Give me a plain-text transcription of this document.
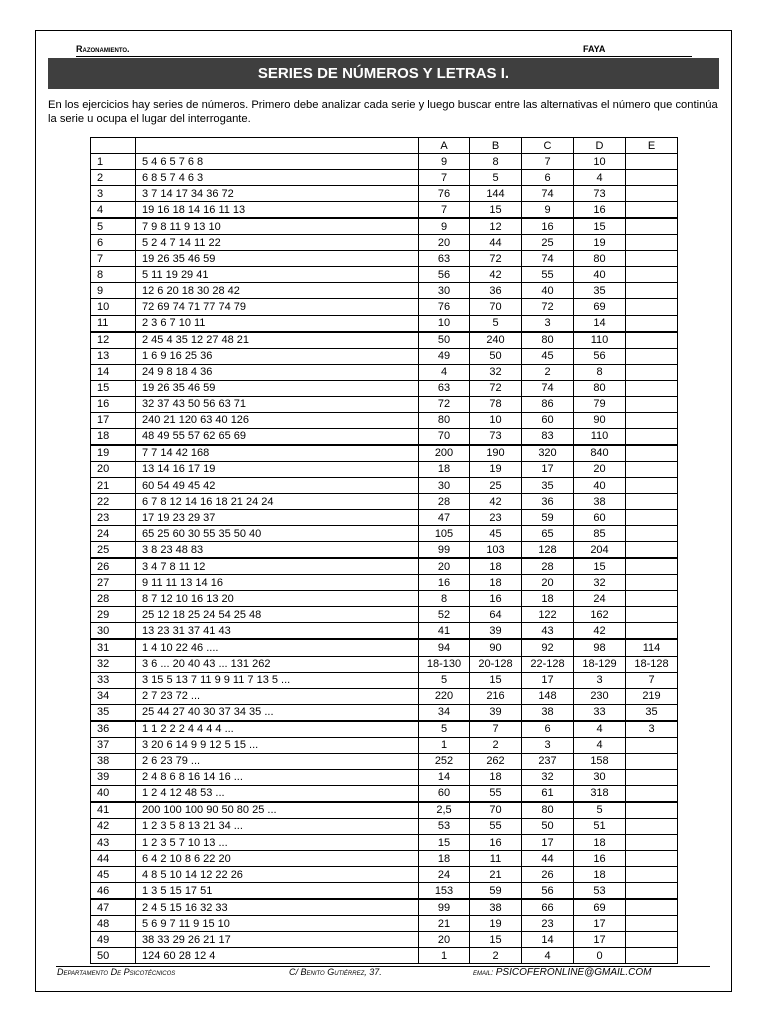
Razonamiento.	FAYA
SERIES DE NÚMEROS Y LETRAS I.
En los ejercicios hay series de números. Primero debe analizar cada serie y luego buscar entre las alternativas el número que continúa la serie u ocupa el lugar del interrogante.
		A	B	C	D	E
1	5 4 6 5 7 6 8	9	8	7	10	
2	6 8 5 7 4 6 3	7	5	6	4	
3	3 7 14 17 34 36 72	76	144	74	73	
4	19 16 18 14 16 11 13	7	15	9	16	
5	7 9 8 11 9 13 10	9	12	16	15	
6	5 2 4 7 14 11 22	20	44	25	19	
7	19 26 35 46 59	63	72	74	80	
8	5 11 19 29 41	56	42	55	40	
9	12 6 20 18 30 28 42	30	36	40	35	
10	72 69 74 71 77 74 79	76	70	72	69	
11	2 3 6 7 10 11	10	5	3	14	
12	2 45 4 35 12 27 48 21	50	240	80	110	
13	1 6 9 16 25 36	49	50	45	56	
14	24 9 8 18 4 36	4	32	2	8	
15	19 26 35 46 59	63	72	74	80	
16	32 37 43 50 56 63 71	72	78	86	79	
17	240 21 120 63 40 126	80	10	60	90	
18	48 49 55 57 62 65 69	70	73	83	110	
19	7 7 14 42 168	200	190	320	840	
20	13 14 16 17 19	18	19	17	20	
21	60 54 49 45 42	30	25	35	40	
22	6 7 8 12 14 16 18 21 24 24	28	42	36	38	
23	17 19 23 29 37	47	23	59	60	
24	65 25 60 30 55 35 50 40	105	45	65	85	
25	3 8 23 48 83	99	103	128	204	
26	3 4 7 8 11 12	20	18	28	15	
27	9 11 11 13 14 16	16	18	20	32	
28	8 7 12 10 16 13 20	8	16	18	24	
29	25 12 18 25 24 54 25 48	52	64	122	162	
30	13 23 31 37 41 43	41	39	43	42	
31	1 4 10 22 46 ....	94	90	92	98	114
32	3 6 ... 20 40 43 ... 131 262	18-130	20-128	22-128	18-129	18-128
33	3 15 5 13 7 11 9 9 11 7 13 5 ...	5	15	17	3	7
34	2 7 23 72 ...	220	216	148	230	219
35	25 44 27 40 30 37 34 35 ...	34	39	38	33	35
36	1 1 2 2 2 4 4 4 4 ...	5	7	6	4	3
37	3 20 6 14 9 9 12 5 15 ...	1	2	3	4	
38	2 6 23 79 ...	252	262	237	158	
39	2 4 8 6 8 16 14 16 ...	14	18	32	30	
40	1 2 4 12 48 53 ...	60	55	61	318	
41	200 100 100 90 50 80 25 ...	2,5	70	80	5	
42	1 2 3 5 8 13 21 34 ...	53	55	50	51	
43	1 2 3 5 7 10 13 ...	15	16	17	18	
44	6 4 2 10 8 6 22 20	18	11	44	16	
45	4 8 5 10 14 12 22 26	24	21	26	18	
46	1 3 5 15 17 51	153	59	56	53	
47	2 4 5 15 16 32 33	99	38	66	69	
48	5 6 9 7 11 9 15 10	21	19	23	17	
49	38 33 29 26 21 17	20	15	14	17	
50	124 60 28 12 4	1	2	4	0	
Departamento De Psicotécnicos	C/ Benito Gutiérrez, 37.	email: PSICOFERONLINE@GMAIL.COM
